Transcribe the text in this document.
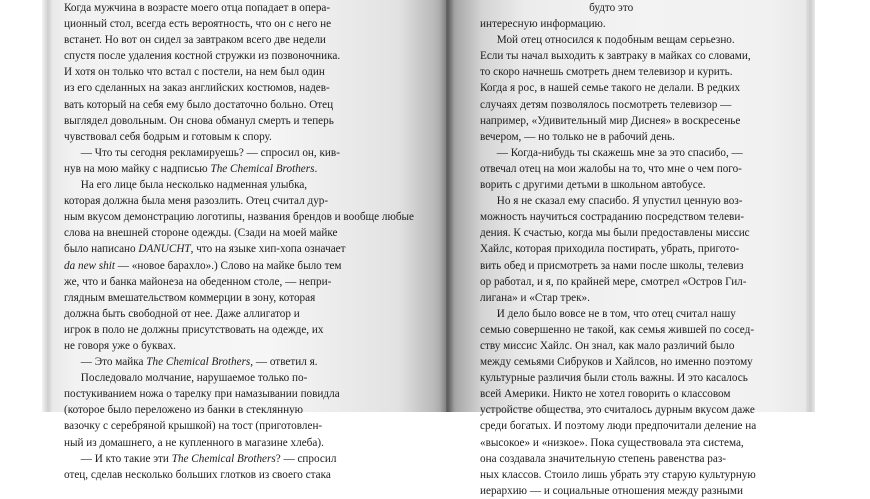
Когда мужчина в возрасте моего отца попадает в опера-
ционный стол, всегда есть вероятность, что он с него не
встанет. Но вот он сидел за завтраком всего две недели
спустя после удаления костной стружки из позвоночника.
И хотя он только что встал с постели, на нем был один
из его сделанных на заказ английских костюмов, надев-
вать который на себя ему было достаточно больно. Отец
выглядел довольным. Он снова обманул смерть и теперь
чувствовал себя бодрым и готовым к спору.
— Что ты сегодня рекламируешь? — спросил он, кив-
нув на мою майку с надписью The Chemical Brothers.
На его лице была несколько надменная улыбка,
которая должна была меня разозлить. Отец считал дур-
ным вкусом демонстрацию логотипы, названия брендов и вообще любые
слова на внешней стороне одежды. (Сзади на моей майке
было написано DANUCHT, что на языке хип-хопа означает
da new shit — «новое барахло».) Слово на майке было тем
же, что и банка майонеза на обеденном столе, — непри-
глядным вмешательством коммерции в зону, которая
должна быть свободной от нее. Даже аллигатор и
игрок в поло не должны присутствовать на одежде, их
не говоря уже о буквах.
— Это майка The Chemical Brothers, — ответил я.
Последовало молчание, нарушаемое только по-
постукиванием ножа о тарелку при намазывании повидла
(которое было переложено из банки в стеклянную
вазочку с серебряной крышкой) на тост (приготовлен-
ный из домашнего, а не купленного в магазине хлеба).
— И кто такие эти The Chemical Brothers? — спросил
отец, сделав несколько больших глотков из своего стака
будто это
интересную информацию.
Мой отец относился к подобным вещам серьезно.
Если ты начал выходить к завтраку в майках со словами,
то скоро начнешь смотреть днем телевизор и курить.
Когда я рос, в нашей семье такого не делали. В редких
случаях детям позволялось посмотреть телевизор —
например, «Удивительный мир Диснея» в воскресенье
вечером, — но только не в рабочий день.
— Когда-нибудь ты скажешь мне за это спасибо, —
отвечал отец на мои жалобы на то, что мне о чем пого-
ворить с другими детьми в школьном автобусе.
Но я не сказал ему спасибо. Я упустил ценную воз-
можность научиться состраданию посредством телеви-
дения. К счастью, когда мы были предоставлены миссис
Хайлс, которая приходила постирать, убрать, пригото-
вить обед и присмотреть за нами после школы, телевиз
ор работал, и я, по крайней мере, смотрел «Остров Гил-
лигана» и «Стар трек».
И дело было вовсе не в том, что отец считал нашу
семью совершенно не такой, как семья жившей по сосед-
ству миссис Хайлс. Он знал, как мало различий было
между семьями Сибруков и Хайлсов, но именно поэтому
культурные различия были столь важны. И это касалось
всей Америки. Никто не хотел говорить о классовом
устройстве общества, это считалось дурным вкусом даже
среди богатых. И поэтому люди предпочитали деление на
«высокое» и «низкое». Пока существовала эта система,
она создавала значительную степень равенства раз-
ных классов. Стоило лишь убрать эту старую культурную
иерархию — и социальные отношения между разными
